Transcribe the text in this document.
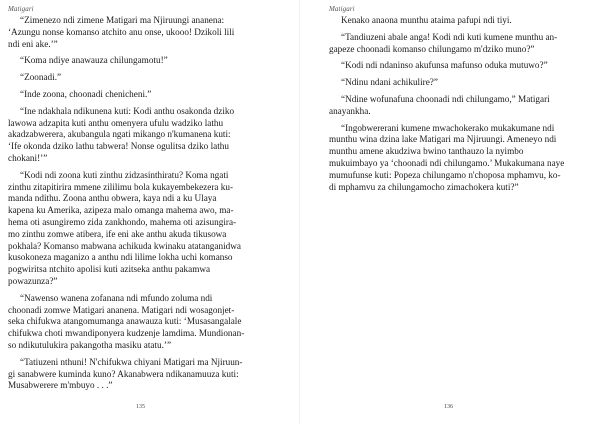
Matigari

“Zimenezo ndi zimene Matigari ma Njiruungi ananena:
‘Azungu nonse komanso atchito anu onse, ukooo! Dzikoli lili
ndi eni ake.’”

“Koma ndiye anawauza chilungamotu!”

“Zoonadi.”

“Inde zoona, choonadi chenicheni.”

“Ine ndakhala ndikunena kuti: Kodi anthu osakonda dziko
lawowa adzapita kuti anthu omenyera ufulu wadziko lathu
akadzabwerera, akubangula ngati mikango n'kumanena kuti:
‘Ife okonda dziko lathu tabwera! Nonse ogulitsa dziko lathu
chokani!’”

“Kodi ndi zoona kuti zinthu zidzasinthiratu? Koma ngati
zinthu zitapitirira mmene zililimu bola kukayembekezera ku-
manda ndithu. Zoona anthu obwera, kaya ndi a ku Ulaya
kapena ku Amerika, azipeza malo omanga mahema awo, ma-
hema oti asungiremo zida zankhondo, mahema oti azisungira-
mo zinthu zomwe atibera, ife eni ake anthu akuda tikusowa
pokhala? Komanso mabwana achikuda kwinaku atatanganidwa
kusokoneza maganizo a anthu ndi lilime lokha uchi komanso
pogwiritsa ntchito apolisi kuti azitseka anthu pakamwa
powazunza?”

“Nawenso wanena zofanana ndi mfundo zoluma ndi
choonadi zomwe Matigari ananena. Matigari ndi wosagonjet-
seka chifukwa atangomumanga anawauza kuti: ‘Musasangalale
chifukwa choti mwandiponyera kudzenje lamdima. Mundionan-
so ndikutulukira pakangotha masiku atatu.’”

“Tatiuzeni nthuni! N'chifukwa chiyani Matigari ma Njiruun-
gi sanabwere kuminda kuno? Akanabwera ndikanamuuza kuti:
Musabwerere m'mbuyo . . .”

135
Matigari

Kenako anaona munthu ataima pafupi ndi tiyi.

“Tandiuzeni abale anga! Kodi ndi kuti kumene munthu an-
gapeze choonadi komanso chilungamo m'dziko muno?”

“Kodi ndi ndaninso akufunsa mafunso oduka mutuwo?”

“Ndinu ndani achikulire?”

“Ndine wofunafuna choonadi ndi chilungamo,” Matigari
anayankha.

“Ingobwererani kumene mwachokerako mukakumane ndi
munthu wina dzina lake Matigari ma Njiruungi. Ameneyo ndi
munthu amene akudziwa bwino tanthauzo la nyimbo
mukuimbayo ya ‘choonadi ndi chilungamo.’ Mukakumana naye
mumufunse kuti: Popeza chilungamo n'chopos​a mphamvu, ko-
di mphamvu za chilungamocho zimachokera kuti?”

136
